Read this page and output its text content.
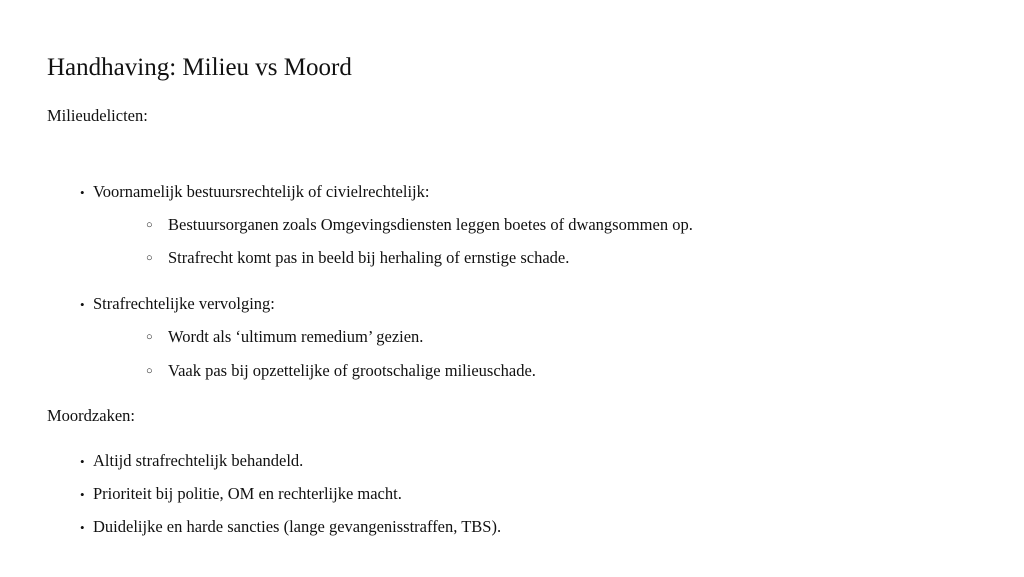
Handhaving: Milieu vs Moord
Milieudelicten:
• Voornamelijk bestuursrechtelijk of civielrechtelijk:
○ Bestuursorganen zoals Omgevingsdiensten leggen boetes of dwangsommen op.
○ Strafrecht komt pas in beeld bij herhaling of ernstige schade.
• Strafrechtelijke vervolging:
○ Wordt als ‘ultimum remedium’ gezien.
○ Vaak pas bij opzettelijke of grootschalige milieuschade.
Moordzaken:
• Altijd strafrechtelijk behandeld.
• Prioriteit bij politie, OM en rechterlijke macht.
• Duidelijke en harde sancties (lange gevangenisstraffen, TBS).
